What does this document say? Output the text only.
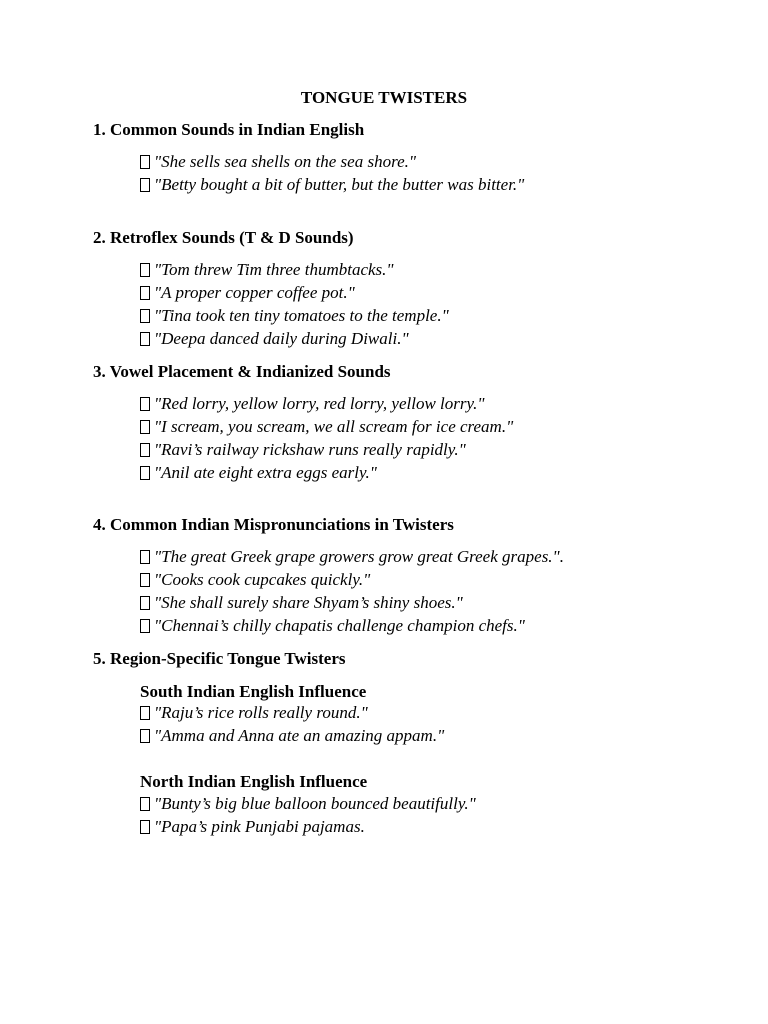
TONGUE TWISTERS
1. Common Sounds in Indian English
"She sells sea shells on the sea shore."
"Betty bought a bit of butter, but the butter was bitter."
2. Retroflex Sounds (T & D Sounds)
"Tom threw Tim three thumbtacks."
"A proper copper coffee pot."
"Tina took ten tiny tomatoes to the temple."
"Deepa danced daily during Diwali."
3. Vowel Placement & Indianized Sounds
"Red lorry, yellow lorry, red lorry, yellow lorry."
"I scream, you scream, we all scream for ice cream."
"Ravi’s railway rickshaw runs really rapidly."
"Anil ate eight extra eggs early."
4. Common Indian Mispronunciations in Twisters
"The great Greek grape growers grow great Greek grapes.".
"Cooks cook cupcakes quickly."
"She shall surely share Shyam’s shiny shoes."
"Chennai’s chilly chapatis challenge champion chefs."
5. Region-Specific Tongue Twisters
South Indian English Influence
"Raju’s rice rolls really round."
"Amma and Anna ate an amazing appam."
North Indian English Influence
"Bunty’s big blue balloon bounced beautifully."
"Papa’s pink Punjabi pajamas.
